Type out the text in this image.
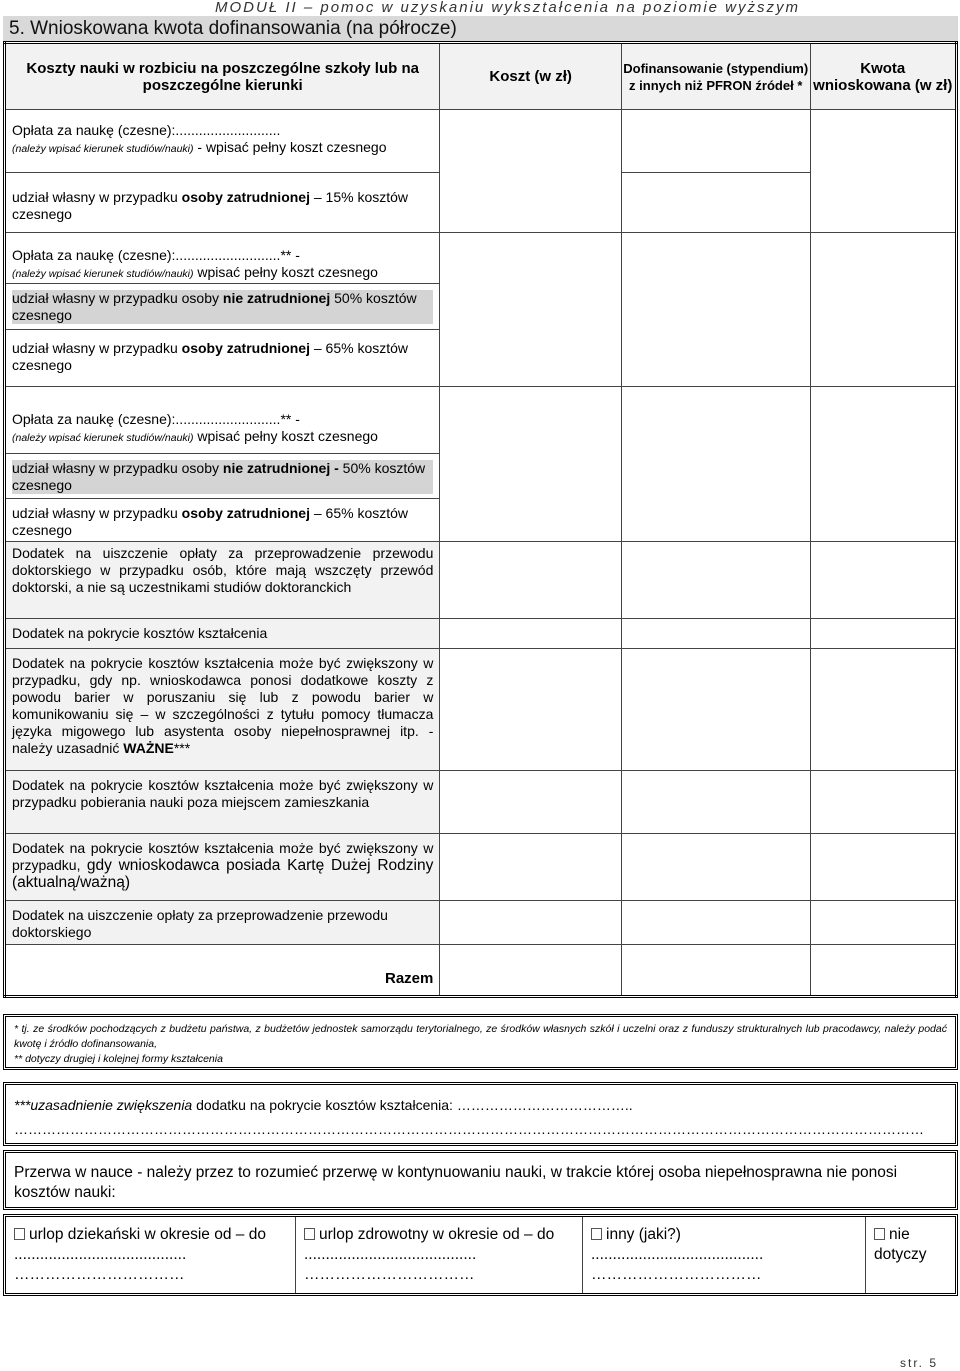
MODUŁ II – pomoc w uzyskaniu wykształcenia na poziomie wyższym
5. Wnioskowana kwota dofinansowania (na półrocze)
Koszty nauki w rozbiciu na poszczególne szkoły lub na poszczególne kierunki	Koszt (w zł)	Dofinansowanie (stypendium) z innych niż PFRON źródeł *	Kwota wnioskowana (w zł)
Opłata za naukę (czesne):...........................
(należy wpisać kierunek studiów/nauki) - wpisać pełny koszt czesnego			
udział własny w przypadku osoby zatrudnionej – 15% kosztów czesnego			
Opłata za naukę (czesne):...........................** -
(należy wpisać kierunek studiów/nauki) wpisać pełny koszt czesnego			

udział własny w przypadku osoby nie zatrudnionej 50% kosztów czesnego			

udział własny w przypadku osoby zatrudnionej – 65% kosztów czesnego			
Opłata za naukę (czesne):...........................** -
(należy wpisać kierunek studiów/nauki) wpisać pełny koszt czesnego			

udział własny w przypadku osoby nie zatrudnionej - 50% kosztów czesnego			

udział własny w przypadku osoby zatrudnionej – 65% kosztów czesnego			
Dodatek na uiszczenie opłaty za przeprowadzenie przewodu doktorskiego w przypadku osób, które mają wszczęty przewód doktorski, a nie są uczestnikami studiów doktoranckich			
Dodatek na pokrycie kosztów kształcenia			
Dodatek na pokrycie kosztów kształcenia może być zwiększony w przypadku, gdy np. wnioskodawca ponosi dodatkowe koszty z powodu barier w poruszaniu się lub z powodu barier w komunikowaniu się – w szczególności z tytułu pomocy tłumacza języka migowego lub asystenta osoby niepełnosprawnej itp. - należy uzasadnić WAŻNE***			
Dodatek na pokrycie kosztów kształcenia może być zwiększony w przypadku pobierania nauki poza miejscem zamieszkania			
Dodatek na pokrycie kosztów kształcenia może być zwiększony w przypadku, gdy wnioskodawca posiada Kartę Dużej Rodziny (aktualną/ważną)			
Dodatek na uiszczenie opłaty za przeprowadzenie przewodu doktorskiego			
Razem			
* tj. ze środków pochodzących z budżetu państwa, z budżetów jednostek samorządu terytorialnego, ze środków własnych szkół i uczelni oraz z funduszy strukturalnych lub pracodawcy, należy podać kwotę i źródło dofinansowania,
** dotyczy drugiej i kolejnej formy kształcenia
***uzasadnienie zwiększenia dodatku na pokrycie kosztów kształcenia: ………………………………..
……………………………………………………………………………………………………………………………………………………………………………
Przerwa w nauce - należy przez to rozumieć przerwę w kontynuowaniu nauki, w trakcie której osoba niepełnosprawna nie ponosi kosztów nauki:
urlop dziekański w okresie od – do
........................................
……………………………
urlop zdrowotny w okresie od – do
........................................
……………………………
inny (jaki?)
........................................
……………………………
nie dotyczy
str. 5
